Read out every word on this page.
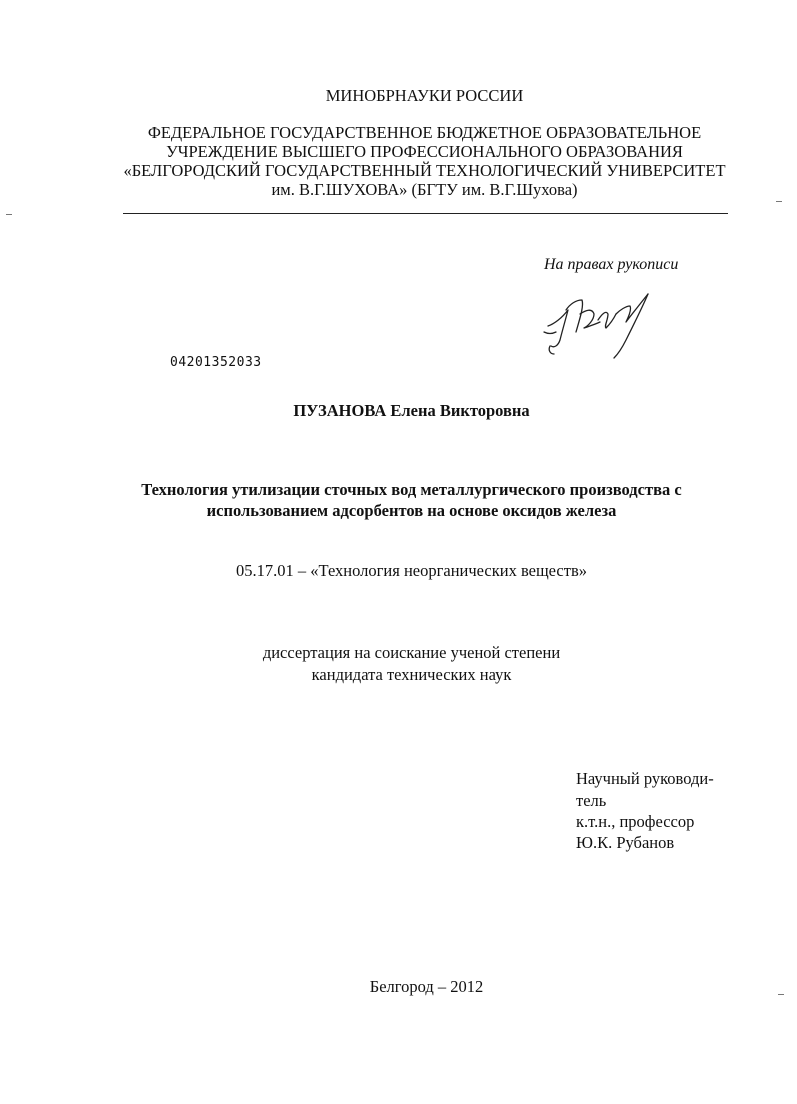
МИНОБРНАУКИ РОССИИ
ФЕДЕРАЛЬНОЕ ГОСУДАРСТВЕННОЕ БЮДЖЕТНОЕ ОБРАЗОВАТЕЛЬНОЕ
УЧРЕЖДЕНИЕ ВЫСШЕГО ПРОФЕССИОНАЛЬНОГО ОБРАЗОВАНИЯ
«БЕЛГОРОДСКИЙ ГОСУДАРСТВЕННЫЙ ТЕХНОЛОГИЧЕСКИЙ УНИВЕРСИТЕТ
им. В.Г.ШУХОВА» (БГТУ им. В.Г.Шухова)
На правах рукописи
04201352033
ПУЗАНОВА Елена Викторовна
Технология утилизации сточных вод металлургического производства с
использованием адсорбентов на основе оксидов железа
05.17.01 – «Технология неорганических веществ»
диссертация на соискание ученой степени
кандидата технических наук
Научный руководи-
тель
к.т.н., профессор
Ю.К. Рубанов
Белгород – 2012
